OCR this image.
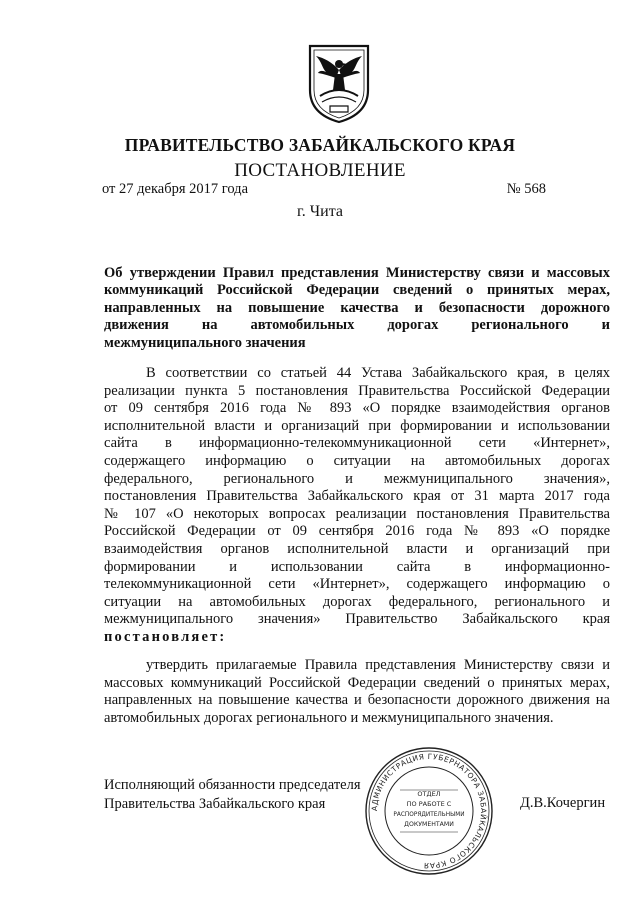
ПРАВИТЕЛЬСТВО ЗАБАЙКАЛЬСКОГО КРАЯ
ПОСТАНОВЛЕНИЕ
от 27 декабря 2017 года	№ 568
г. Чита
Об утверждении Правил представления Министерству связи и массовых
коммуникаций Российской Федерации сведений о принятых мерах,
направленных на повышение качества и безопасности дорожного
движения на автомобильных дорогах регионального и
межмуниципального значения
В соответствии со статьей 44 Устава Забайкальского края, в целях
реализации пункта 5 постановления Правительства Российской Федерации
от 09 сентября 2016 года № 893 «О порядке взаимодействия органов
исполнительной власти и организаций при формировании и использовании
сайта в информационно-телекоммуникационной сети «Интернет»,
содержащего информацию о ситуации на автомобильных дорогах
федерального, регионального и межмуниципального значения»,
постановления Правительства Забайкальского края от 31 марта 2017 года
№ 107 «О некоторых вопросах реализации постановления Правительства
Российской Федерации от 09 сентября 2016 года № 893 «О порядке
взаимодействия органов исполнительной власти и организаций при
формировании и использовании сайта в информационно-
телекоммуникационной сети «Интернет», содержащего информацию о
ситуации на автомобильных дорогах федерального, регионального и
межмуниципального значения» Правительство Забайкальского края
постановляет:
утвердить прилагаемые Правила представления Министерству связи и
массовых коммуникаций Российской Федерации сведений о принятых мерах,
направленных на повышение качества и безопасности дорожного движения на
автомобильных дорогах регионального и межмуниципального значения.
Исполняющий обязанности председателя
Правительства Забайкальского края	АДМИНИСТРАЦИЯ ГУБЕРНАТОРА ЗАБАЙКАЛЬСКОГО КРАЯ
ОТДЕЛ
ПО РАБОТЕ С
РАСПОРЯДИТЕЛЬНЫМИ
ДОКУМЕНТАМИ
Д.В.Кочергин
